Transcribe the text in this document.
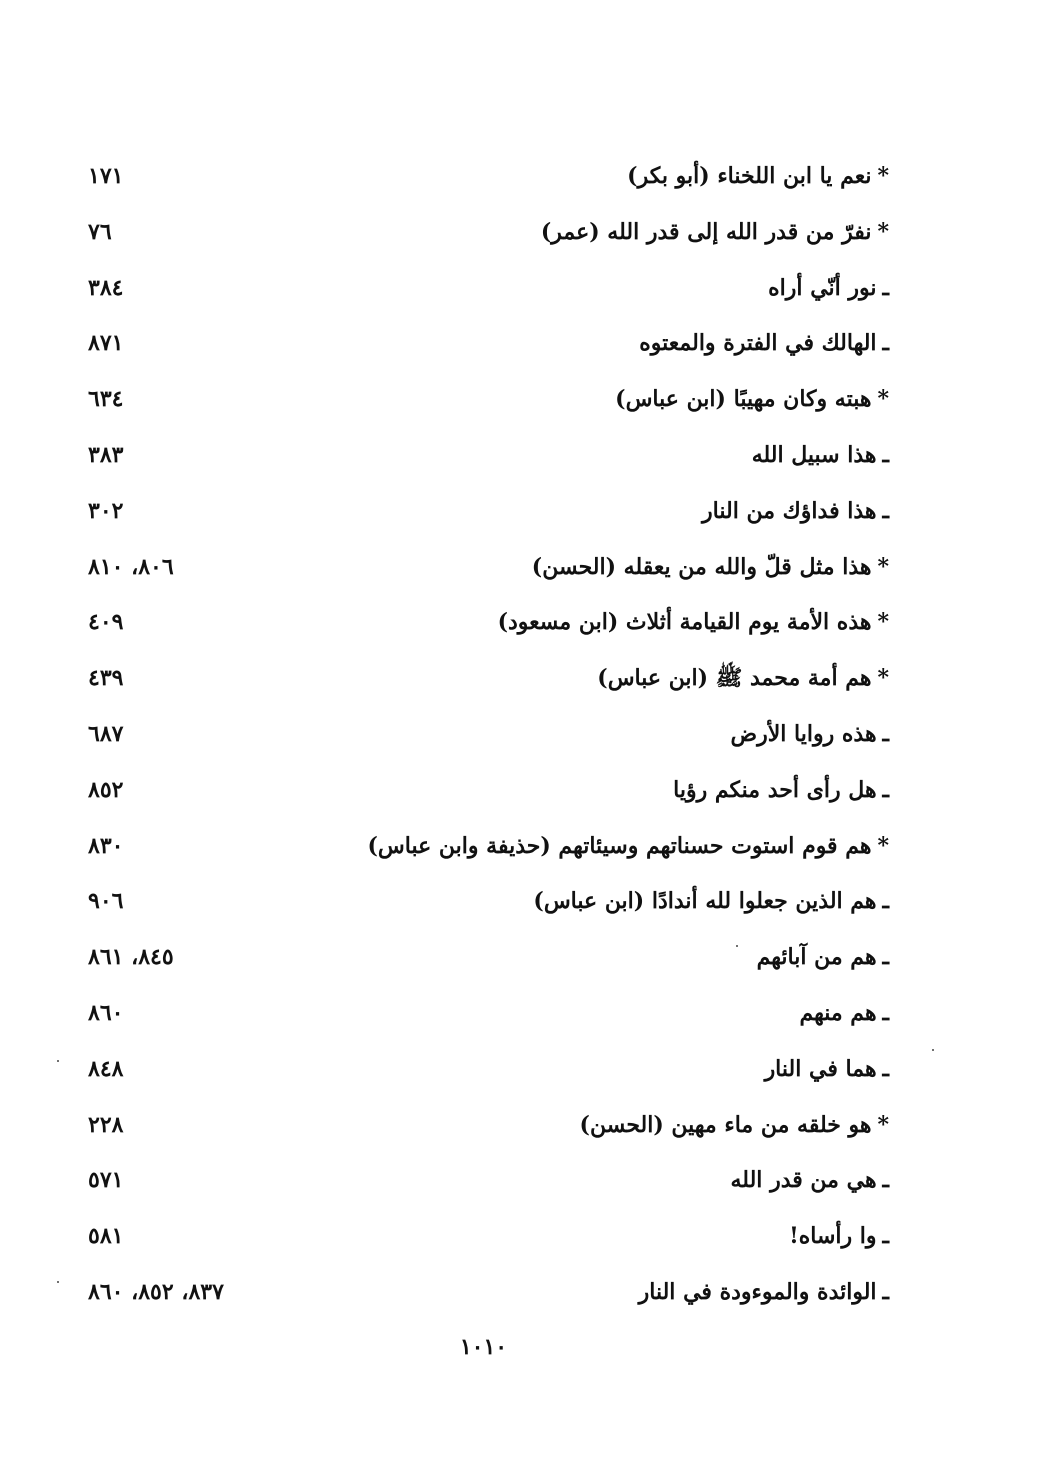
*نعم يا ابن اللخناء (أبو بكر)
١٧١
*نفرّ من قدر الله إلى قدر الله (عمر)
٧٦
ـنور أنّي أراه
٣٨٤
ـالهالك في الفترة والمعتوه
٨٧١
*هبته وكان مهيبًا (ابن عباس)
٦٣٤
ـهذا سبيل الله
٣٨٣
ـهذا فداؤك من النار
٣٠٢
*هذا مثل قلّ والله من يعقله (الحسن)
٨٠٦، ٨١٠
*هذه الأمة يوم القيامة أثلاث (ابن مسعود)
٤٠٩
*هم أمة محمد ﷺ (ابن عباس)
٤٣٩
ـهذه روايا الأرض
٦٨٧
ـهل رأى أحد منكم رؤيا
٨٥٢
*هم قوم استوت حسناتهم وسيئاتهم (حذيفة وابن عباس)
٨٣٠
ـهم الذين جعلوا لله أندادًا (ابن عباس)
٩٠٦
ـهم من آبائهم
٨٤٥، ٨٦١
ـهم منهم
٨٦٠
ـهما في النار
٨٤٨
*هو خلقه من ماء مهين (الحسن)
٢٢٨
ـهي من قدر الله
٥٧١
ـوا رأساه!
٥٨١
ـالوائدة والموءودة في النار
٨٣٧، ٨٥٢، ٨٦٠
١٠١٠
